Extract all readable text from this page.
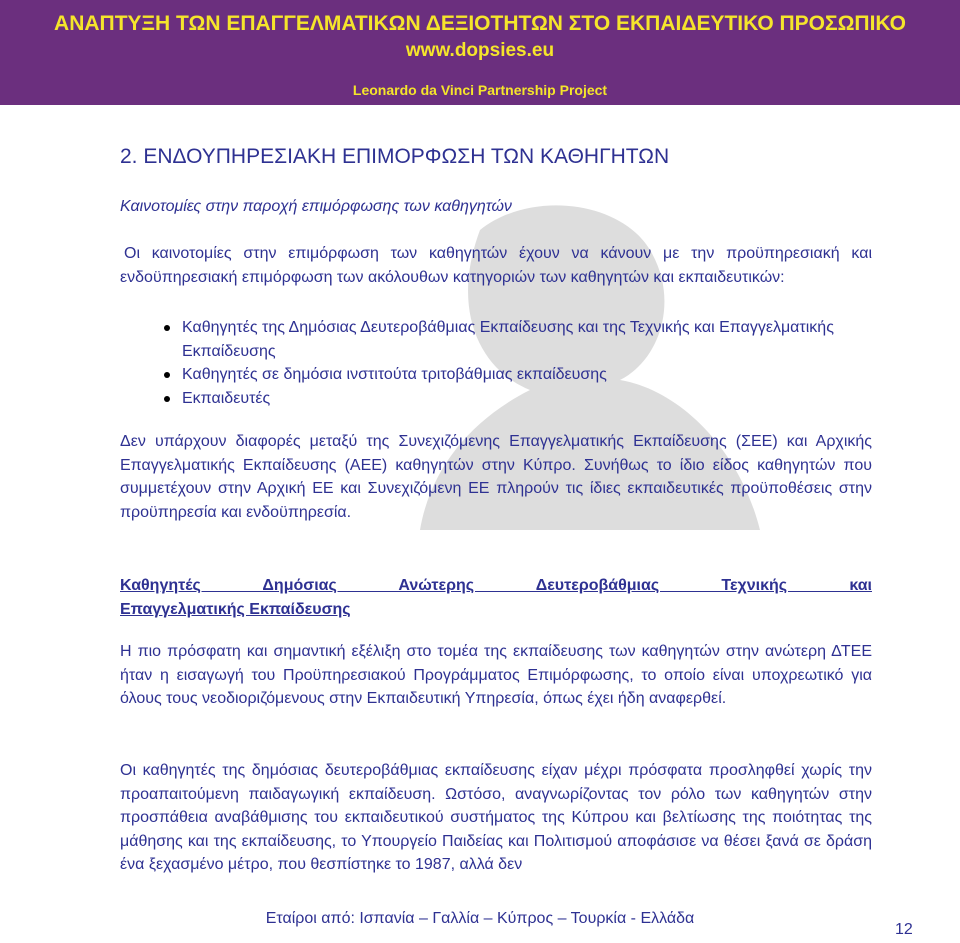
ΑΝΑΠΤΥΞΗ ΤΩΝ ΕΠΑΓΓΕΛΜΑΤΙΚΩΝ ΔΕΞΙΟΤΗΤΩΝ ΣΤΟ ΕΚΠΑΙΔΕΥΤΙΚΟ ΠΡΟΣΩΠΙΚΟ
www.dopsies.eu
Leonardo da Vinci Partnership Project
2. ΕΝΔΟΥΠΗΡΕΣΙΑΚΗ ΕΠΙΜΟΡΦΩΣΗ ΤΩΝ ΚΑΘΗΓΗΤΩΝ
Καινοτομίες στην παροχή επιμόρφωσης των καθηγητών
Οι καινοτομίες στην επιμόρφωση των καθηγητών έχουν να κάνουν με την προϋπηρεσιακή και ενδοϋπηρεσιακή επιμόρφωση των ακόλουθων κατηγοριών των καθηγητών και εκπαιδευτικών:
Καθηγητές της Δημόσιας Δευτεροβάθμιας Εκπαίδευσης και της Τεχνικής και Επαγγελματικής Εκπαίδευσης
Καθηγητές σε δημόσια ινστιτούτα τριτοβάθμιας εκπαίδευσης
Εκπαιδευτές
Δεν υπάρχουν διαφορές μεταξύ της Συνεχιζόμενης Επαγγελματικής Εκπαίδευσης (ΣΕΕ) και Αρχικής Επαγγελματικής Εκπαίδευσης (ΑΕΕ) καθηγητών στην Κύπρο. Συνήθως το ίδιο είδος καθηγητών που συμμετέχουν στην Αρχική ΕΕ και Συνεχιζόμενη ΕΕ πληρούν τις ίδιες εκπαιδευτικές προϋποθέσεις στην προϋπηρεσία και ενδοϋπηρεσία.
Καθηγητές Δημόσιας Ανώτερης Δευτεροβάθμιας Τεχνικής και
Επαγγελματικής Εκπαίδευσης
Η πιο πρόσφατη και σημαντική εξέλιξη στο τομέα της εκπαίδευσης των καθηγητών στην ανώτερη ΔΤΕΕ ήταν η εισαγωγή του Προϋπηρεσιακού Προγράμματος Επιμόρφωσης, το οποίο είναι υποχρεωτικό για όλους τους νεοδιοριζόμενους στην Εκπαιδευτική Υπηρεσία, όπως έχει ήδη αναφερθεί.
Οι καθηγητές της δημόσιας δευτεροβάθμιας εκπαίδευσης είχαν μέχρι πρόσφατα προσληφθεί χωρίς την προαπαιτούμενη παιδαγωγική εκπαίδευση. Ωστόσο, αναγνωρίζοντας τον ρόλο των καθηγητών στην προσπάθεια αναβάθμισης του εκπαιδευτικού συστήματος της Κύπρου και βελτίωσης της ποιότητας της μάθησης και της εκπαίδευσης, το Υπουργείο Παιδείας και Πολιτισμού αποφάσισε να θέσει ξανά σε δράση ένα ξεχασμένο μέτρο, που θεσπίστηκε το 1987, αλλά δεν
Εταίροι από: Ισπανία – Γαλλία – Κύπρος – Τουρκία - Ελλάδα
12
